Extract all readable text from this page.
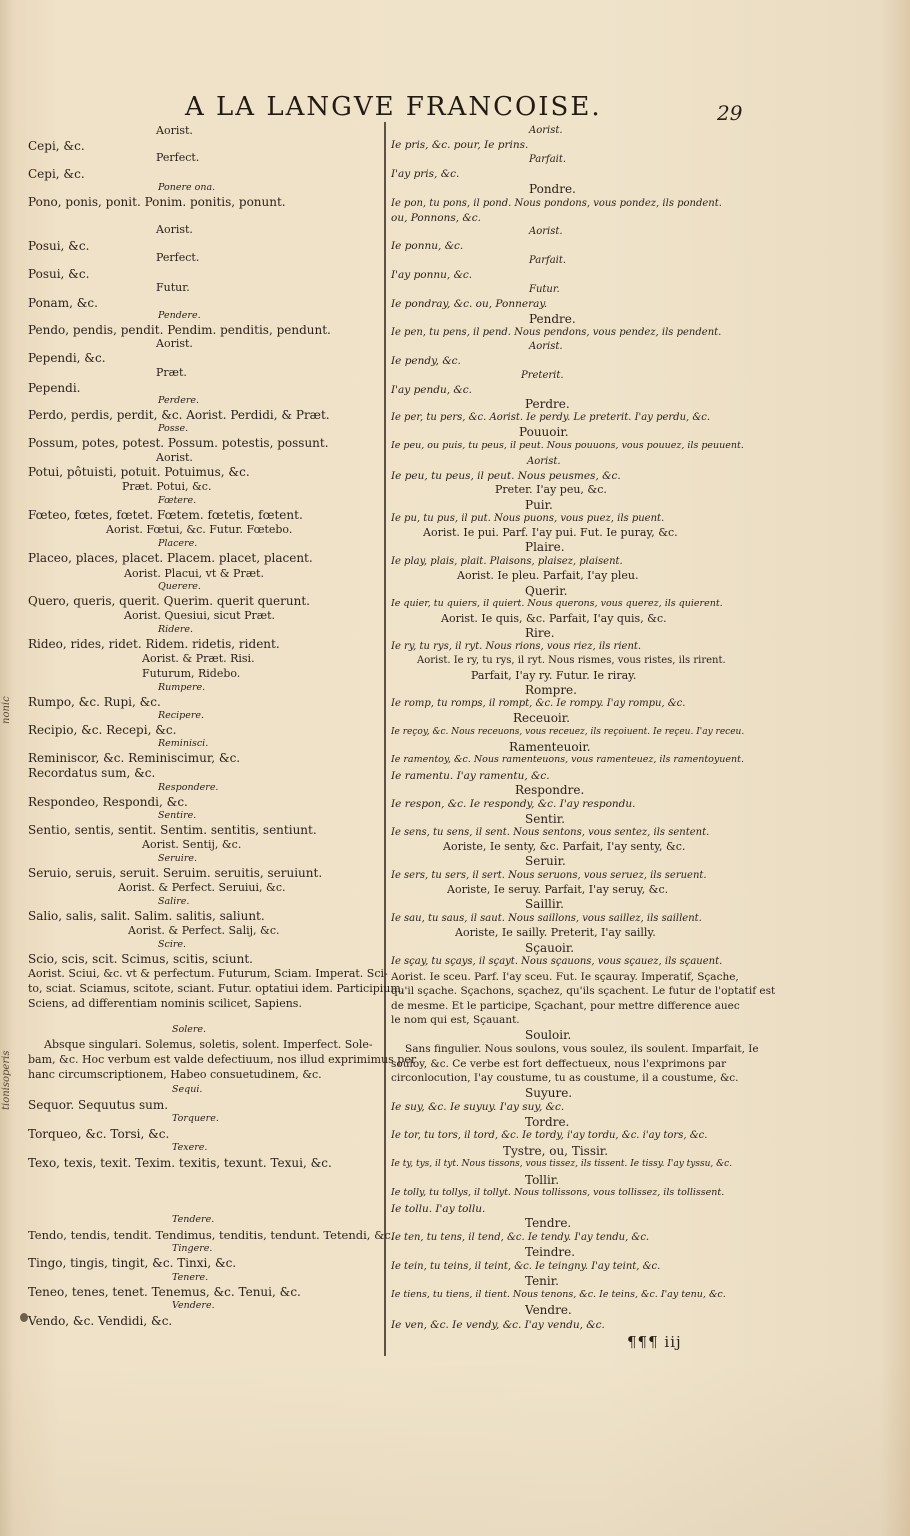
A LA LANGVE FRANCOISE.	29
nonic
operis
tionis
Aorist.
Cepi, &c.
Perfect.
Cepi, &c.
Ponere ona.
Pono, ponis, ponit. Ponim. ponitis, ponunt.
Aorist.
Posui, &c.
Perfect.
Posui, &c.
Futur.
Ponam, &c.
Pendere.
Pendo, pendis, pendit. Pendim. penditis, pendunt.
Aorist.
Pependi, &c.
Præt.
Pependi.
Perdere.
Perdo, perdis, perdit, &c. Aorist. Perdidi, & Præt.
Posse.
Possum, potes, potest. Possum. potestis, possunt.
Aorist.
Potui, pôtuisti, potuit. Potuimus, &c.
Præt. Potui, &c.
Fœtere.
Fœteo, fœtes, fœtet. Fœtem. fœtetis, fœtent.
Aorist. Fœtui, &c. Futur. Fœtebo.
Placere.
Placeo, places, placet. Placem. placet, placent.
Aorist. Placui, vt & Præt.
Querere.
Quero, queris, querit. Querim. querit querunt.
Aorist. Quesiui, sicut Præt.
Ridere.
Rideo, rides, ridet. Ridem. ridetis, rident.
Aorist. & Præt. Risi.
Futurum, Ridebo.
Rumpere.
Rumpo, &c. Rupi, &c.
Recipere.
Recipio, &c. Recepi, &c.
Reminisci.
Reminiscor, &c. Reminiscimur, &c.
Recordatus sum, &c.
Respondere.
Respondeo, Respondi, &c.
Sentire.
Sentio, sentis, sentit. Sentim. sentitis, sentiunt.
Aorist. Sentij, &c.
Seruire.
Seruio, seruis, seruit. Seruim. seruitis, seruiunt.
Aorist. & Perfect. Seruiui, &c.
Salire.
Salio, salis, salit. Salim. salitis, saliunt.
Aorist. & Perfect. Salij, &c.
Scire.
Scio, scis, scit. Scimus, scitis, sciunt.
Aorist. Sciui, &c. vt & perfectum. Futurum, Sciam. Imperat. Sci-
to, sciat. Sciamus, scitote, sciant. Futur. optatiui idem. Participium,
Sciens, ad differentiam nominis scilicet, Sapiens.
Solere.
Absque singulari. Solemus, soletis, solent. Imperfect. Sole-
bam, &c. Hoc verbum est valde defectiuum, nos illud exprimimus per
hanc circumscriptionem, Habeo consuetudinem, &c.
Sequi.
Sequor. Sequutus sum.
Torquere.
Torqueo, &c. Torsi, &c.
Texere.
Texo, texis, texit. Texim. texitis, texunt. Texui, &c.
Tendere.
Tendo, tendis, tendit. Tendimus, tenditis, tendunt. Tetendi, &c.
Tingere.
Tingo, tingis, tingit, &c. Tinxi, &c.
Tenere.
Teneo, tenes, tenet. Tenemus, &c. Tenui, &c.
Vendere.
Vendo, &c. Vendidi, &c.
Aorist.
Ie pris, &c. pour, Ie prins.
Parfait.
I'ay pris, &c.
Pondre.
Ie pon, tu pons, il pond. Nous pondons, vous pondez, ils pondent.
ou, Ponnons, &c.
Aorist.
Ie ponnu, &c.
Parfait.
I'ay ponnu, &c.
Futur.
Ie pondray, &c. ou, Ponneray.
Pendre.
Ie pen, tu pens, il pend. Nous pendons, vous pendez, ils pendent.
Aorist.
Ie pendy, &c.
Preterit.
I'ay pendu, &c.
Perdre.
Ie per, tu pers, &c. Aorist. Ie perdy. Le preterit. I'ay perdu, &c.
Pouuoir.
Ie peu, ou puis, tu peus, il peut. Nous pouuons, vous pouuez, ils peuuent.
Aorist.
Ie peu, tu peus, il peut. Nous peusmes, &c.
Preter. I'ay peu, &c.
Puir.
Ie pu, tu pus, il put. Nous puons, vous puez, ils puent.
Aorist. Ie pui. Parf. I'ay pui. Fut. Ie puray, &c.
Plaire.
Ie play, plais, plait. Plaisons, plaisez, plaisent.
Aorist. Ie pleu. Parfait, I'ay pleu.
Querir.
Ie quier, tu quiers, il quiert. Nous querons, vous querez, ils quierent.
Aorist. Ie quis, &c. Parfait, I'ay quis, &c.
Rire.
Ie ry, tu rys, il ryt. Nous rions, vous riez, ils rient.
Aorist. Ie ry, tu rys, il ryt. Nous rismes, vous ristes, ils rirent.
Parfait, I'ay ry. Futur. Ie riray.
Rompre.
Ie romp, tu romps, il rompt, &c. Ie rompy. I'ay rompu, &c.
Receuoir.
Ie reçoy, &c. Nous receuons, vous receuez, ils reçoiuent. Ie reçeu. I'ay receu.
Ramenteuoir.
Ie ramentoy, &c. Nous ramenteuons, vous ramenteuez, ils ramentoyuent.
Ie ramentu. I'ay ramentu, &c.
Respondre.
Ie respon, &c. Ie respondy, &c. I'ay respondu.
Sentir.
Ie sens, tu sens, il sent. Nous sentons, vous sentez, ils sentent.
Aoriste, Ie senty, &c. Parfait, I'ay senty, &c.
Seruir.
Ie sers, tu sers, il sert. Nous seruons, vous seruez, ils seruent.
Aoriste, Ie seruy. Parfait, I'ay seruy, &c.
Saillir.
Ie sau, tu saus, il saut. Nous saillons, vous saillez, ils saillent.
Aoriste, Ie sailly. Preterit, I'ay sailly.
Sçauoir.
Ie sçay, tu sçays, il sçayt. Nous sçauons, vous sçauez, ils sçauent.
Aorist. Ie sceu. Parf. I'ay sceu. Fut. Ie sçauray. Imperatif, Sçache,
qu'il sçache. Sçachons, sçachez, qu'ils sçachent. Le futur de l'optatif est
de mesme. Et le participe, Sçachant, pour mettre difference auec
le nom qui est, Sçauant.
Souloir.
Sans fingulier. Nous soulons, vous soulez, ils soulent. Imparfait, Ie
souloy, &c. Ce verbe est fort deffectueux, nous l'exprimons par
circonlocution, I'ay coustume, tu as coustume, il a coustume, &c.
Suyure.
Ie suy, &c. Ie suyuy. I'ay suy, &c.
Tordre.
Ie tor, tu tors, il tord, &c. Ie tordy, i'ay tordu, &c. i'ay tors, &c.
Tystre, ou, Tissir.
Ie ty, tys, il tyt. Nous tissons, vous tissez, ils tissent. Ie tissy. I'ay tyssu, &c.
Tollir.
Ie tolly, tu tollys, il tollyt. Nous tollissons, vous tollissez, ils tollissent.
Ie tollu. I'ay tollu.
Tendre.
Ie ten, tu tens, il tend, &c. Ie tendy. I'ay tendu, &c.
Teindre.
Ie tein, tu teins, il teint, &c. Ie teingny. I'ay teint, &c.
Tenir.
Ie tiens, tu tiens, il tient. Nous tenons, &c. Ie teins, &c. I'ay tenu, &c.
Vendre.
Ie ven, &c. Ie vendy, &c. I'ay vendu, &c.
¶¶¶ iij
